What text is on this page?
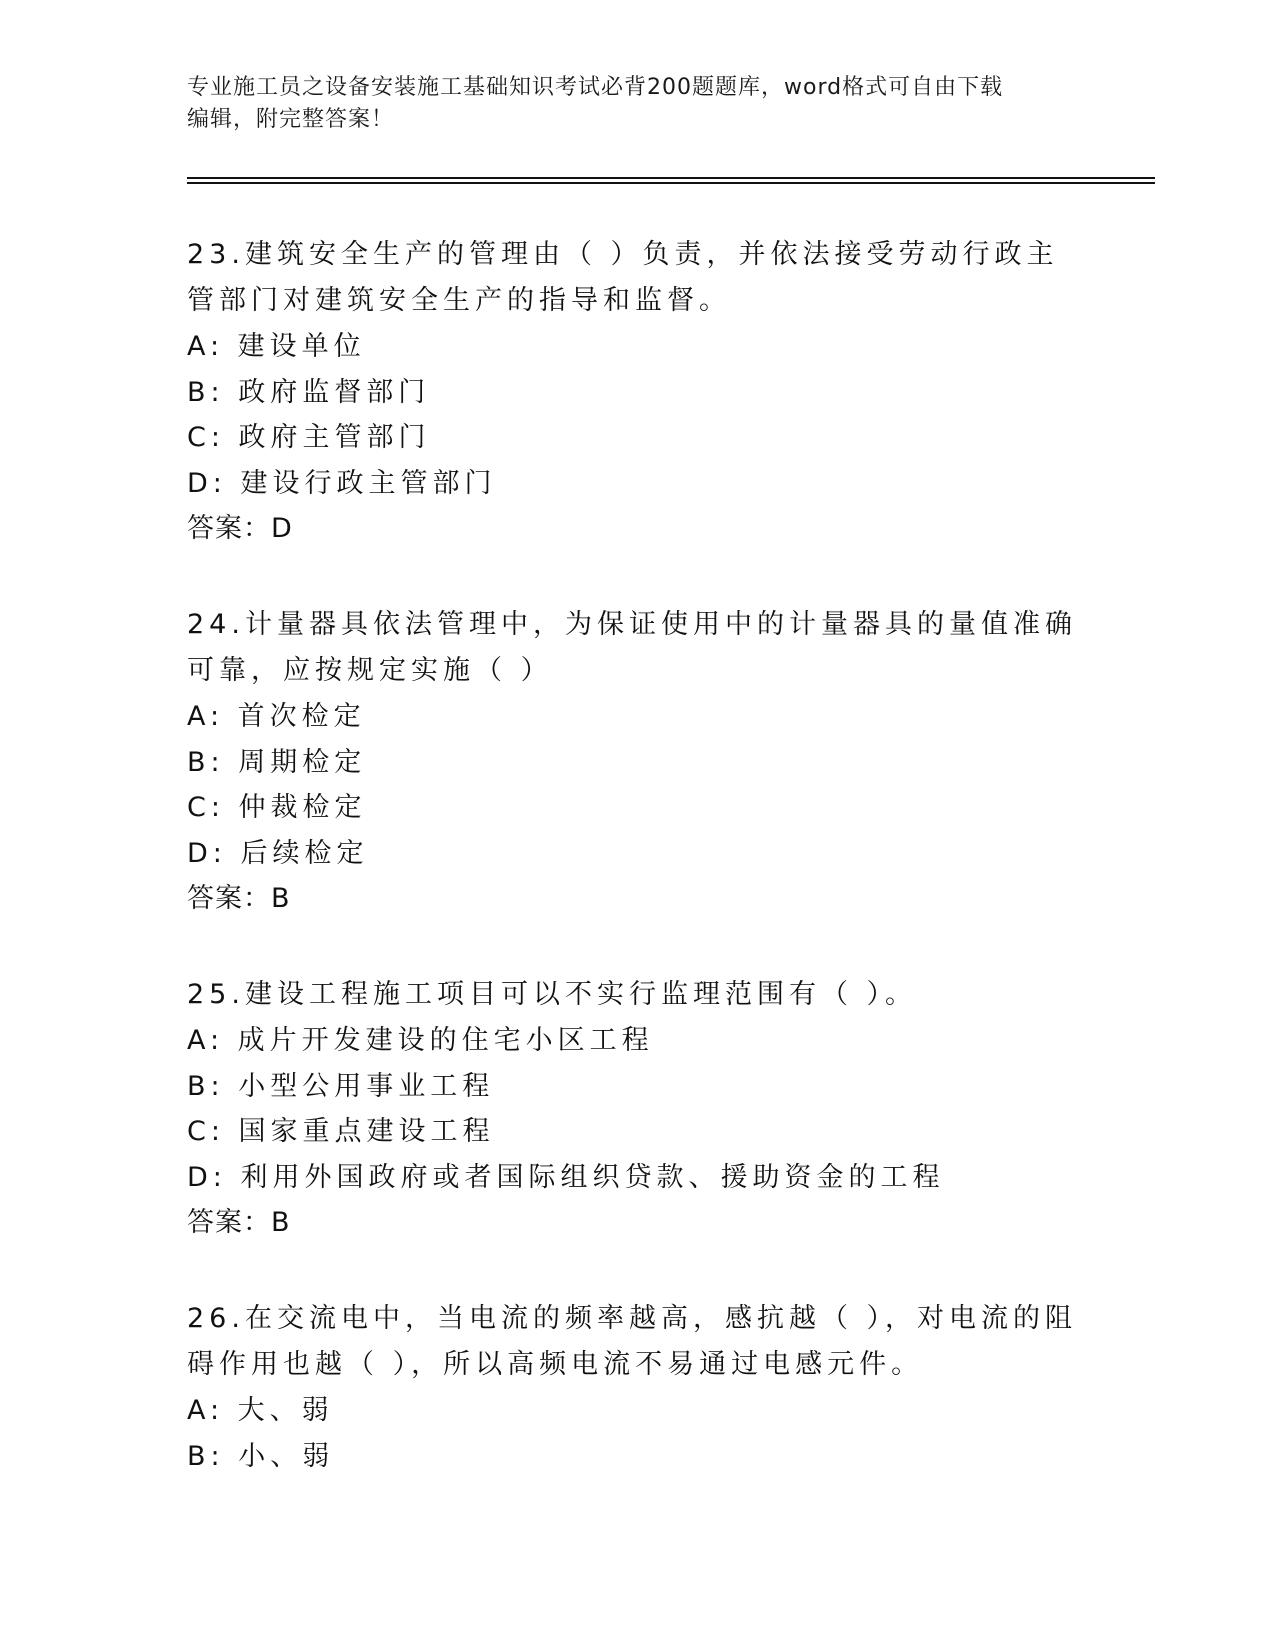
专业施工员之设备安装施工基础知识考试必背200题题库，word格式可自由下载
编辑，附完整答案！

23.建筑安全生产的管理由（ ）负责，并依法接受劳动行政主管部门对建筑安全生产的指导和监督。

A: 建设单位

B: 政府监督部门

C: 政府主管部门

D: 建设行政主管部门

答案：D

24.计量器具依法管理中，为保证使用中的计量器具的量值准确可靠，应按规定实施（ ）

A: 首次检定

B: 周期检定

C: 仲裁检定

D: 后续检定

答案：B

25.建设工程施工项目可以不实行监理范围有（ ）。

A: 成片开发建设的住宅小区工程

B: 小型公用事业工程

C: 国家重点建设工程

D: 利用外国政府或者国际组织贷款、援助资金的工程

答案：B

26.在交流电中，当电流的频率越高，感抗越（ ），对电流的阻碍作用也越（ ），所以高频电流不易通过电感元件。

A: 大、弱

B: 小、弱
